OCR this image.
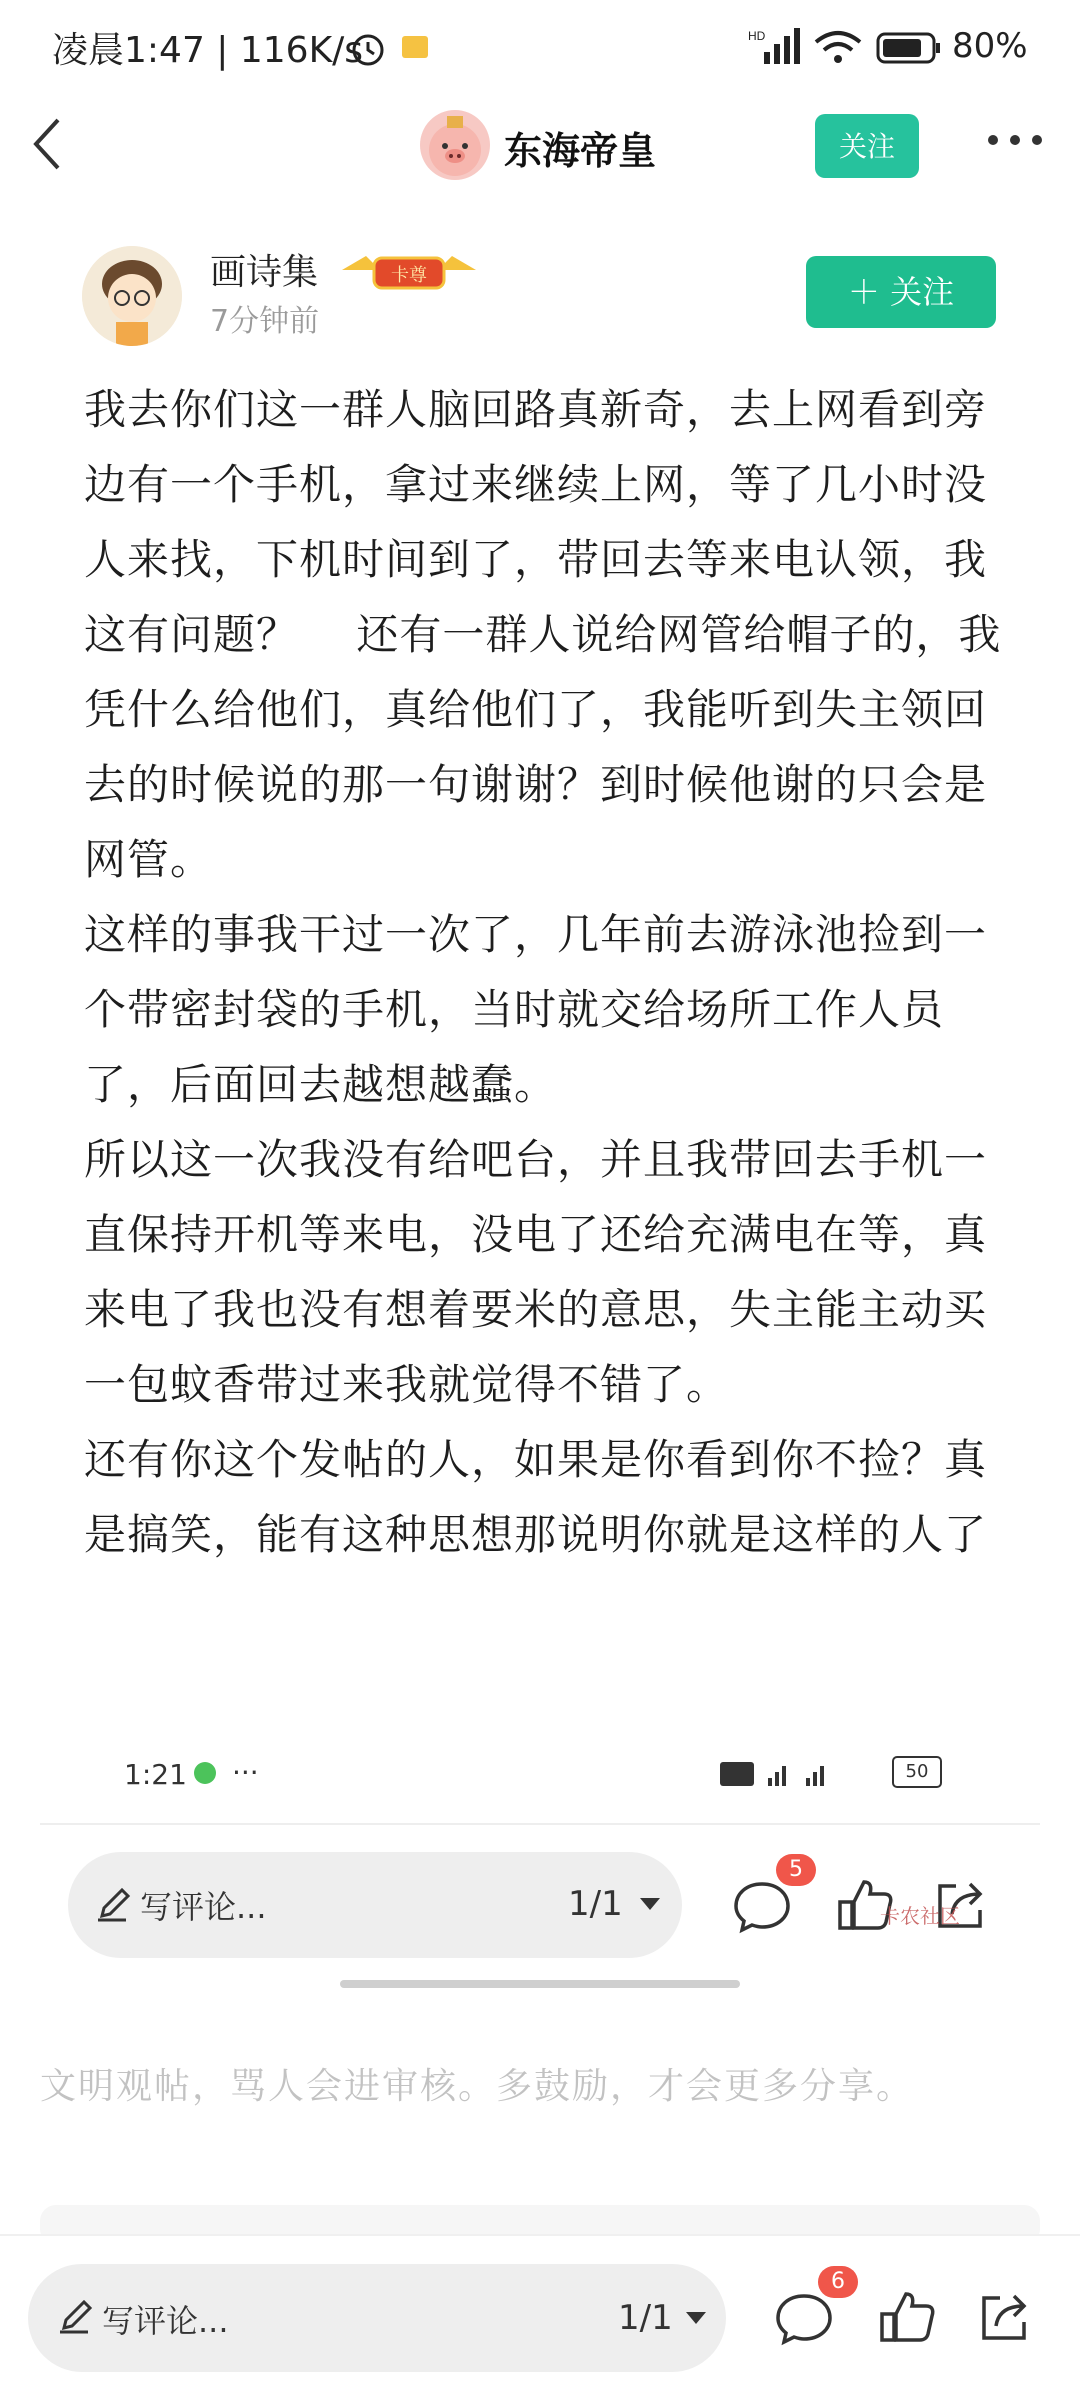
凌晨1:47 | 116K/s	HD	80%
东海帝皇	关注
画诗集	卡尊
7分钟前
＋ 关注

我去你们这一群人脑回路真新奇，去上网看到旁边有一个手机，拿过来继续上网，等了几小时没人来找，下机时间到了，带回去等来电认领，我这有问题？　 还有一群人说给网管给帽子的，我凭什么给他们，真给他们了，我能听到失主领回去的时候说的那一句谢谢？到时候他谢的只会是网管。

这样的事我干过一次了，几年前去游泳池捡到一个带密封袋的手机，当时就交给场所工作人员了，后面回去越想越蠢。

所以这一次我没有给吧台，并且我带回去手机一直保持开机等来电，没电了还给充满电在等，真来电了我也没有想着要米的意思，失主能主动买一包蚊香带过来我就觉得不错了。

还有你这个发帖的人，如果是你看到你不捡？真是搞笑，能有这种思想那说明你就是这样的人了

1:21 ···	50
写评论...	1/1
5
卡农社区
文明观帖，骂人会进审核。多鼓励，才会更多分享。
写评论...	1/1
6
